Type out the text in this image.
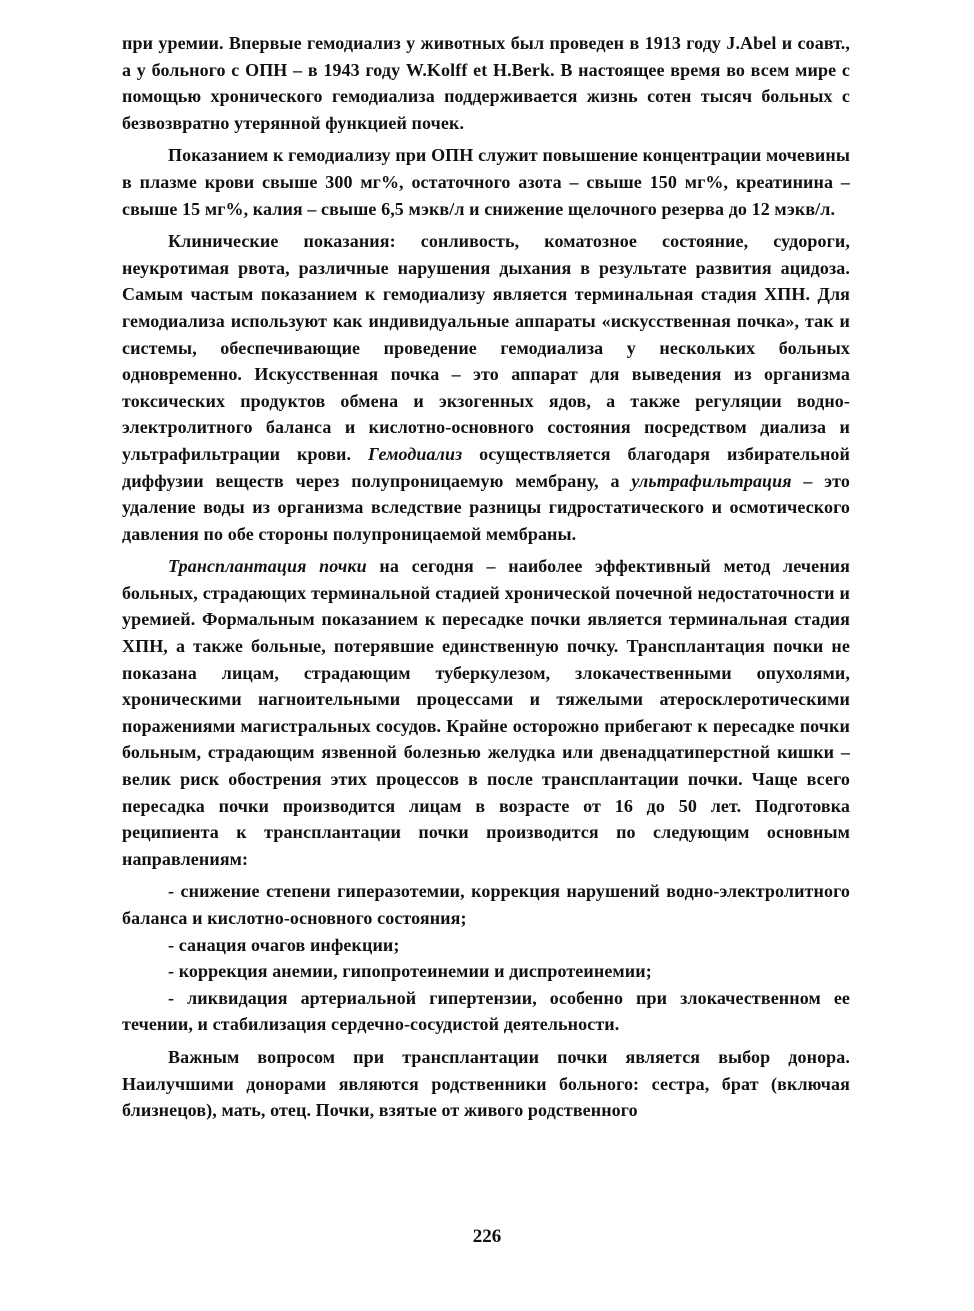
при уремии. Впервые гемодиализ у животных был проведен в 1913 году J.Abel и соавт., а у больного с ОПН – в 1943 году W.Kolff et H.Berk. В настоящее время во всем мире с помощью хронического гемодиализа поддерживается жизнь сотен тысяч больных с безвозвратно утерянной функцией почек.

Показанием к гемодиализу при ОПН служит повышение концентрации мочевины в плазме крови свыше 300 мг%, остаточного азота – свыше 150 мг%, креатинина – свыше 15 мг%, калия – свыше 6,5 мэкв/л и снижение щелочного резерва до 12 мэкв/л.

Клинические показания: сонливость, коматозное состояние, судороги, неукротимая рвота, различные нарушения дыхания в результате развития ацидоза. Самым частым показанием к гемодиализу является терминальная стадия ХПН. Для гемодиализа используют как индивидуальные аппараты «искусственная почка», так и системы, обеспечивающие проведение гемодиализа у нескольких больных одновременно. Искусственная почка – это аппарат для выведения из организма токсических продуктов обмена и экзогенных ядов, а также регуляции водно-электролитного баланса и кислотно-основного состояния посредством диализа и ультрафильтрации крови. Гемодиализ осуществляется благодаря избирательной диффузии веществ через полупроницаемую мембрану, а ультрафильтрация – это удаление воды из организма вследствие разницы гидростатического и осмотического давления по обе стороны полупроницаемой мембраны.

Трансплантация почки на сегодня – наиболее эффективный метод лечения больных, страдающих терминальной стадией хронической почечной недостаточности и уремией. Формальным показанием к пересадке почки является терминальная стадия ХПН, а также больные, потерявшие единственную почку. Трансплантация почки не показана лицам, страдающим туберкулезом, злокачественными опухолями, хроническими нагноительными процессами и тяжелыми атеросклеротическими поражениями магистральных сосудов. Крайне осторожно прибегают к пересадке почки больным, страдающим язвенной болезнью желудка или двенадцатиперстной кишки – велик риск обострения этих процессов в после трансплантации почки. Чаще всего пересадка почки производится лицам в возрасте от 16 до 50 лет. Подготовка реципиента к трансплантации почки производится по следующим основным направлениям:

- снижение степени гиперазотемии, коррекция нарушений водно-электролитного баланса и кислотно-основного состояния;

- санация очагов инфекции;

- коррекция анемии, гипопротеинемии и диспротеинемии;

- ликвидация артериальной гипертензии, особенно при злокачественном ее течении, и стабилизация сердечно-сосудистой деятельности.

Важным вопросом при трансплантации почки является выбор донора. Наилучшими донорами являются родственники больного: сестра, брат (включая близнецов), мать, отец. Почки, взятые от живого родственного

226
